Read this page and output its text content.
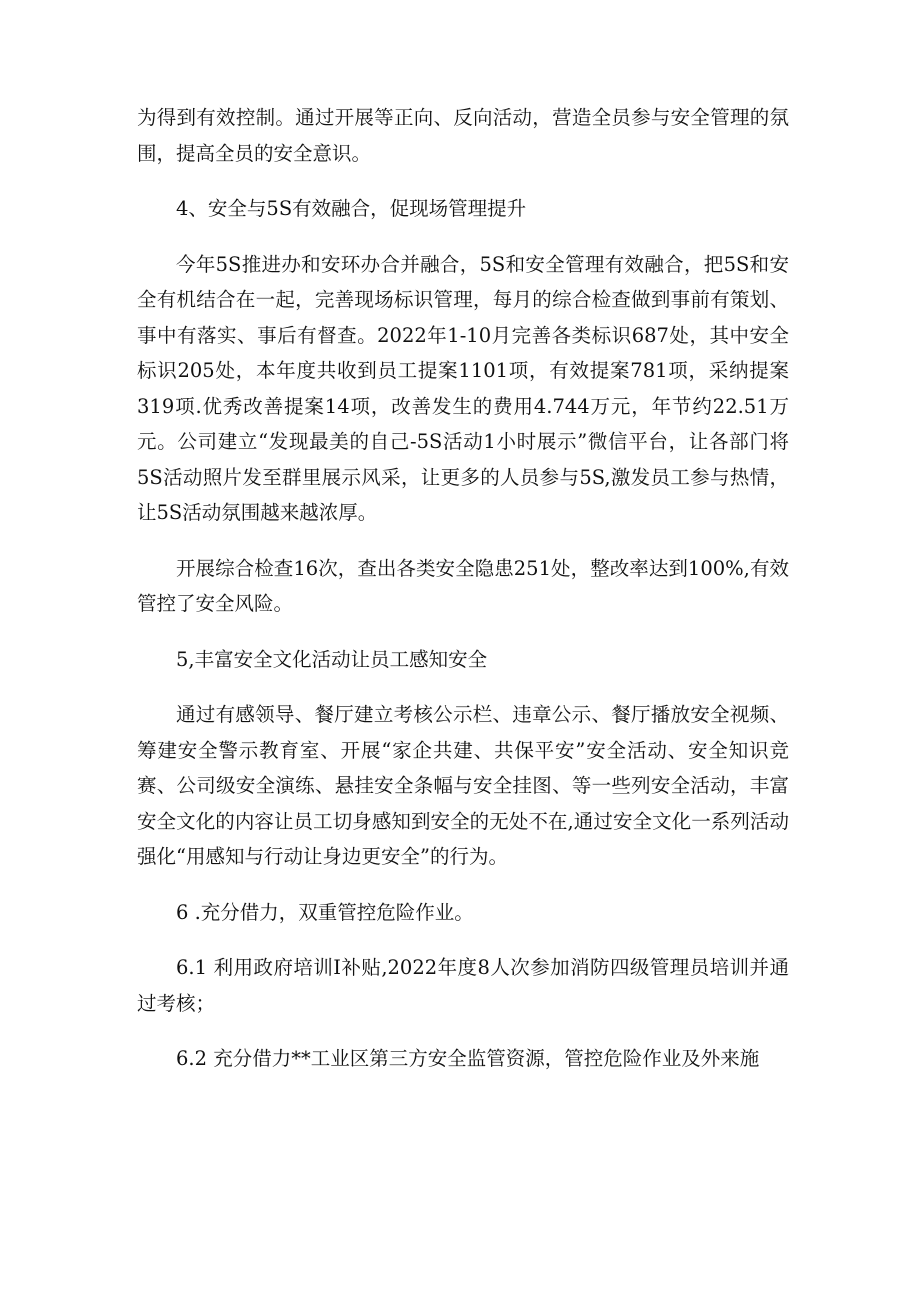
为得到有效控制。通过开展等正向、反向活动，营造全员参与安全管理的氛围，提高全员的安全意识。

4、安全与5S有效融合，促现场管理提升

今年5S推进办和安环办合并融合，5S和安全管理有效融合，把5S和安全有机结合在一起，完善现场标识管理，每月的综合检查做到事前有策划、事中有落实、事后有督查。2022年1-10月完善各类标识687处，其中安全标识205处，本年度共收到员工提案1101项，有效提案781项，采纳提案319项.优秀改善提案14项，改善发生的费用4.744万元，年节约22.51万元。公司建立“发现最美的自己-5S活动1小时展示”微信平台，让各部门将5S活动照片发至群里展示风采，让更多的人员参与5S,激发员工参与热情，让5S活动氛围越来越浓厚。

开展综合检查16次，查出各类安全隐患251处，整改率达到100%,有效管控了安全风险。

5,丰富安全文化活动让员工感知安全

通过有感领导、餐厅建立考核公示栏、违章公示、餐厅播放安全视频、筹建安全警示教育室、开展“家企共建、共保平安”安全活动、安全知识竞赛、公司级安全演练、悬挂安全条幅与安全挂图、等一些列安全活动，丰富安全文化的内容让员工切身感知到安全的无处不在,通过安全文化一系列活动强化“用感知与行动让身边更安全”的行为。

6 .充分借力，双重管控危险作业。

6.1 利用政府培训I补贴,2022年度8人次参加消防四级管理员培训并通过考核；

6.2 充分借力**工业区第三方安全监管资源，管控危险作业及外来施
